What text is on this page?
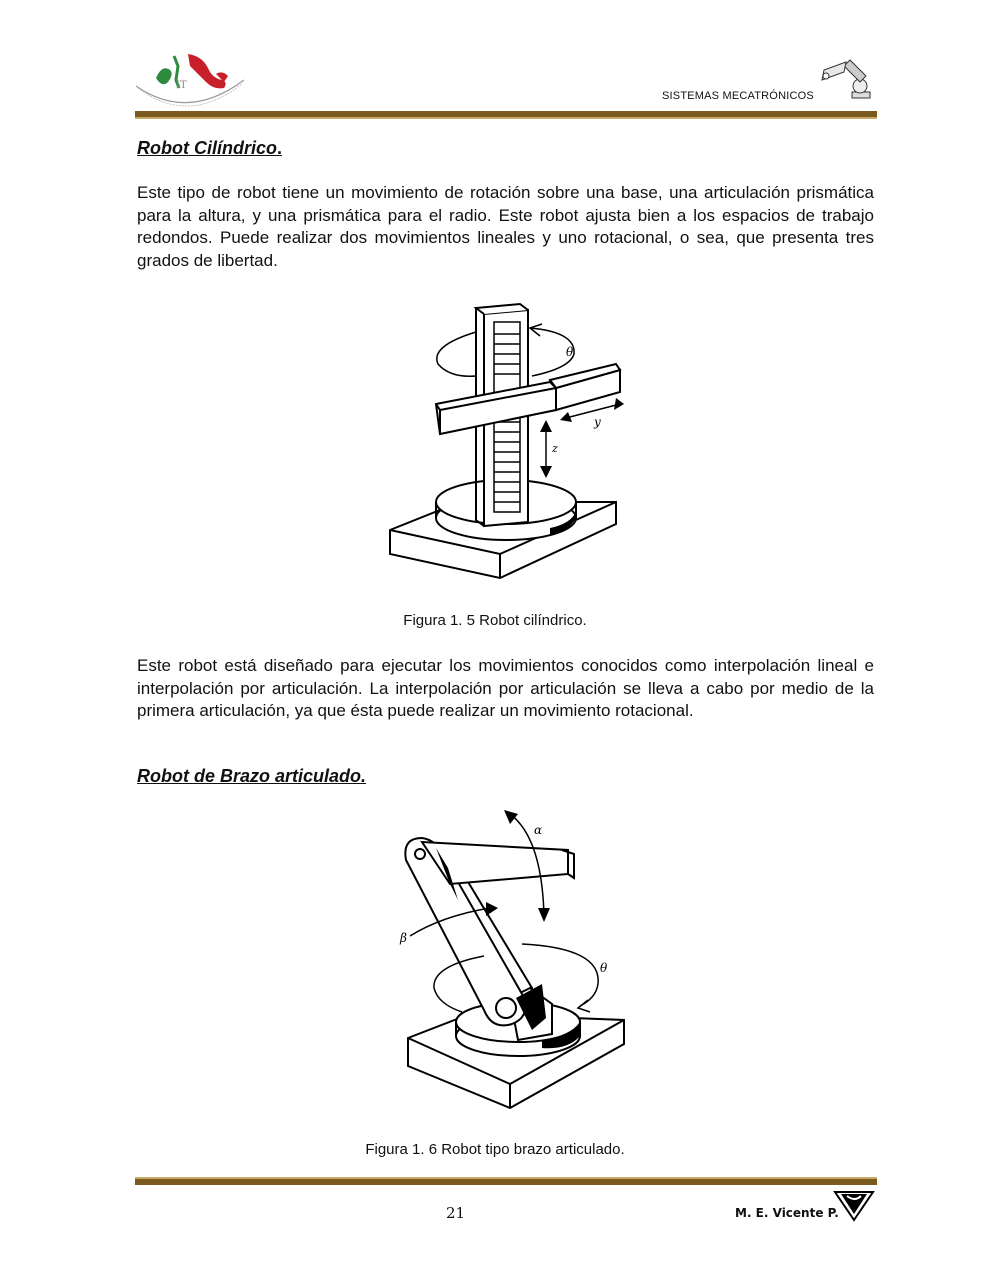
IT
SISTEMAS MECATRÓNICOS
Robot Cilíndrico.
Este tipo de robot tiene un movimiento de rotación sobre una base, una articulación prismática para la altura, y una prismática para el radio. Este robot ajusta bien a los espacios de trabajo redondos. Puede realizar dos movimientos lineales y uno rotacional, o sea, que presenta tres grados de libertad.
θ
y
z
Figura 1. 5 Robot cilíndrico.
Este robot está diseñado para ejecutar los movimientos conocidos como interpolación lineal e interpolación por articulación. La interpolación por articulación se lleva a cabo por medio de la primera articulación, ya que ésta puede realizar un movimiento rotacional.
Robot de Brazo articulado.
α
β
θ
Figura 1. 6 Robot tipo brazo articulado.
21	M. E. Vicente P.
